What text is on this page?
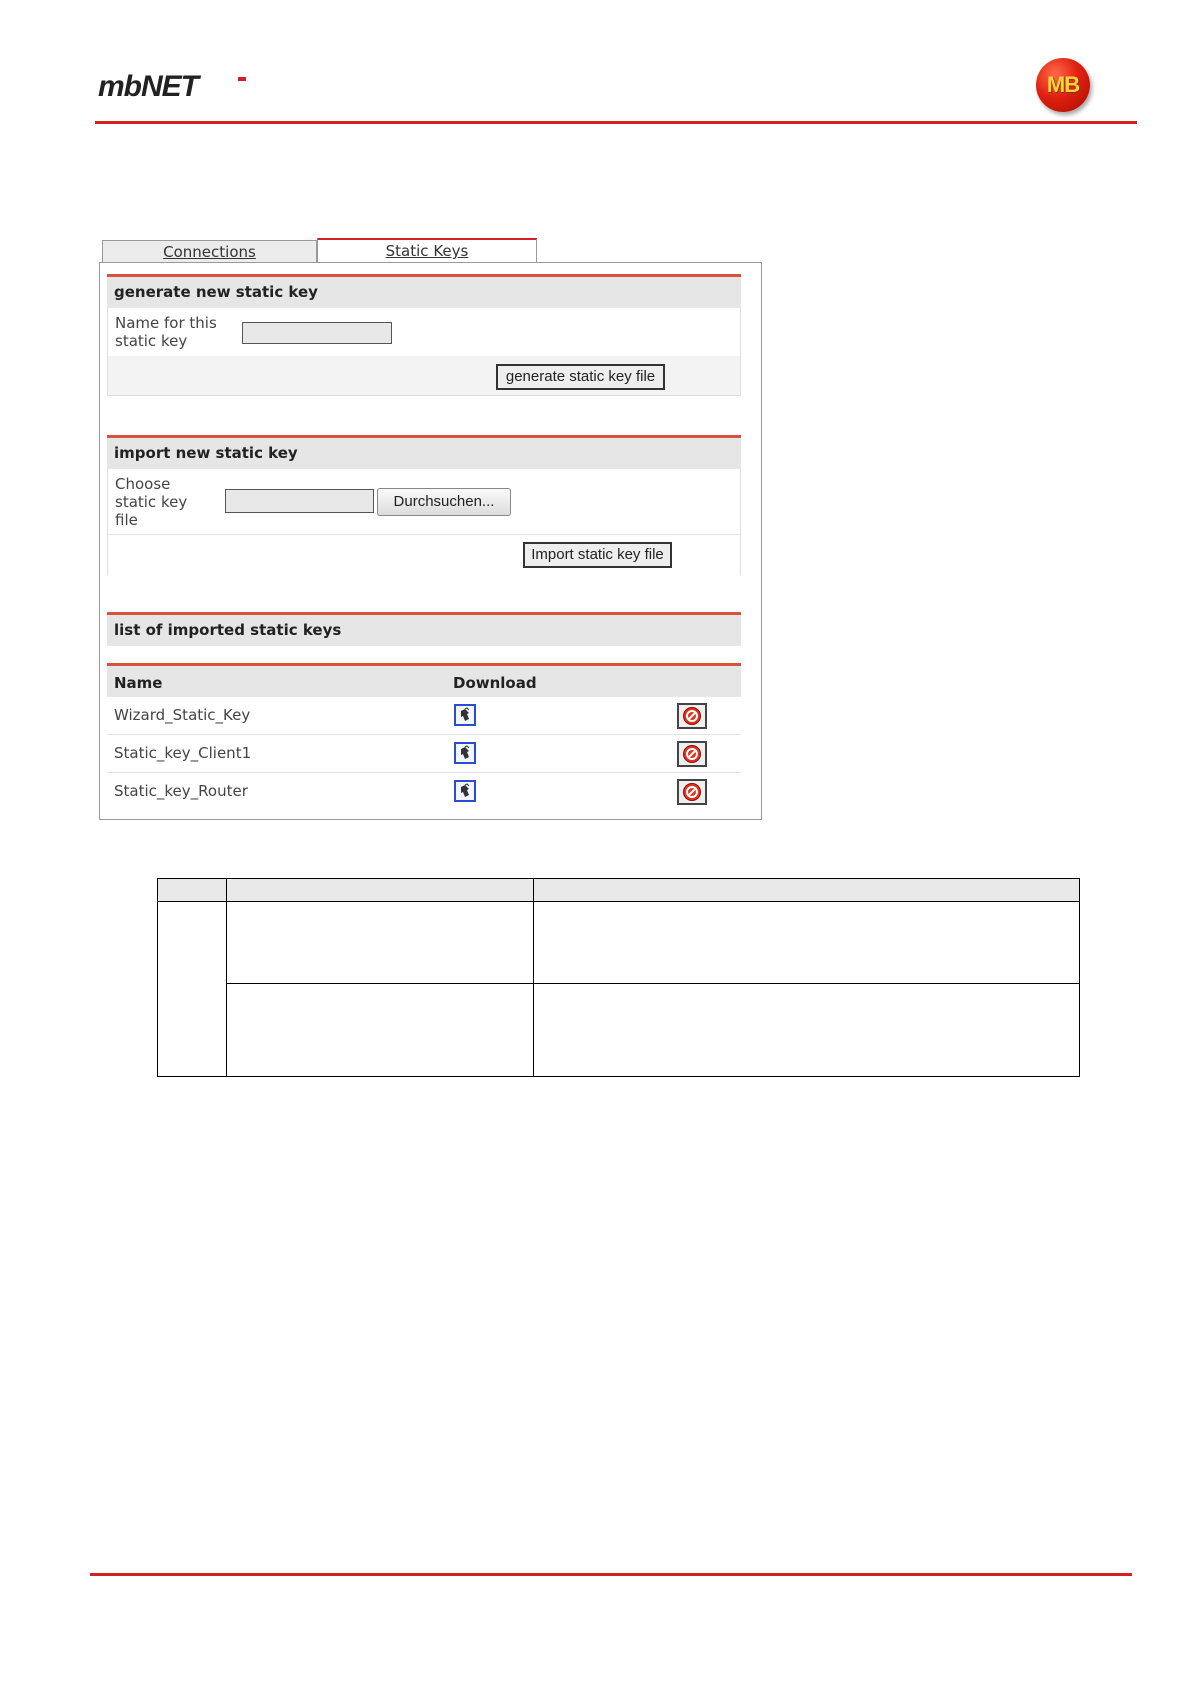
mbNET	MB
Connections	Static Keys
generate new static key
Name for this
static key
generate static key file
import new static key
Choose
static key
file
Durchsuchen...
Import static key file
list of imported static keys
Name	Download
Wizard_Static_Key
Static_key_Client1
Static_key_Router
